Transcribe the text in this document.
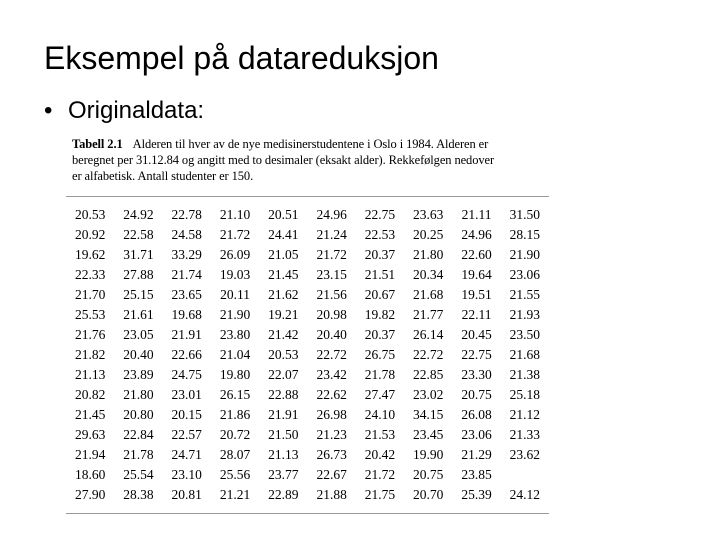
Eksempel på datareduksjon
• Originaldata:
Tabell 2.1 Alderen til hver av de nye medisinerstudentene i Oslo i 1984. Alderen er
beregnet per 31.12.84 og angitt med to desimaler (eksakt alder). Rekkefølgen nedover
er alfabetisk. Antall studenter er 150.
20.53	24.92	22.78	21.10	20.51	24.96	22.75	23.63	21.11	31.50
20.92	22.58	24.58	21.72	24.41	21.24	22.53	20.25	24.96	28.15
19.62	31.71	33.29	26.09	21.05	21.72	20.37	21.80	22.60	21.90
22.33	27.88	21.74	19.03	21.45	23.15	21.51	20.34	19.64	23.06
21.70	25.15	23.65	20.11	21.62	21.56	20.67	21.68	19.51	21.55
25.53	21.61	19.68	21.90	19.21	20.98	19.82	21.77	22.11	21.93
21.76	23.05	21.91	23.80	21.42	20.40	20.37	26.14	20.45	23.50
21.82	20.40	22.66	21.04	20.53	22.72	26.75	22.72	22.75	21.68
21.13	23.89	24.75	19.80	22.07	23.42	21.78	22.85	23.30	21.38
20.82	21.80	23.01	26.15	22.88	22.62	27.47	23.02	20.75	25.18
21.45	20.80	20.15	21.86	21.91	26.98	24.10	34.15	26.08	21.12
29.63	22.84	22.57	20.72	21.50	21.23	21.53	23.45	23.06	21.33
21.94	21.78	24.71	28.07	21.13	26.73	20.42	19.90	21.29	23.62
18.60	25.54	23.10	25.56	23.77	22.67	21.72	20.75	23.85	
27.90	28.38	20.81	21.21	22.89	21.88	21.75	20.70	25.39	24.12
